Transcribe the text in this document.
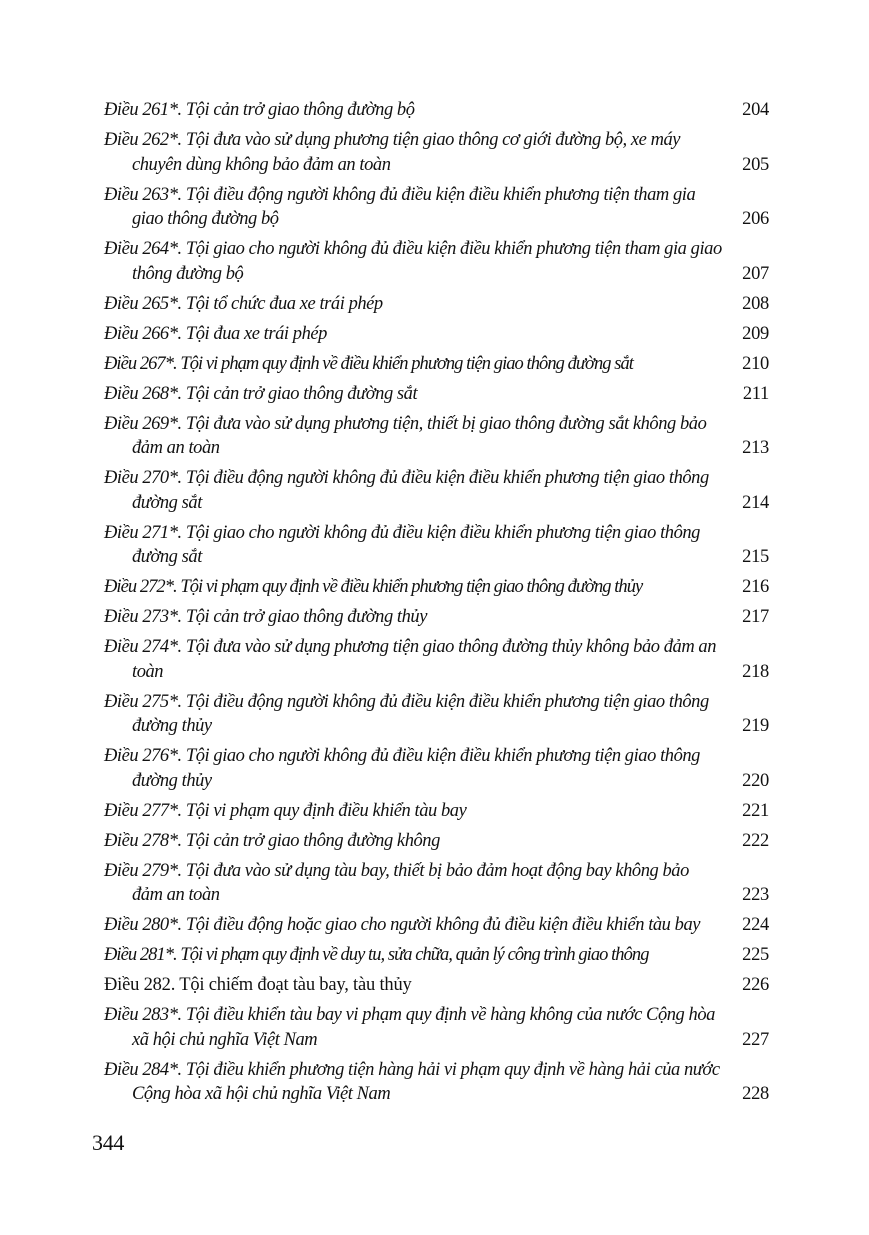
Điều 261*. Tội cản trở giao thông đường bộ	204
Điều 262*. Tội đưa vào sử dụng phương tiện giao thông cơ giới đường bộ, xe máy chuyên dùng không bảo đảm an toàn	205
Điều 263*. Tội điều động người không đủ điều kiện điều khiển phương tiện tham gia giao thông đường bộ	206
Điều 264*. Tội giao cho người không đủ điều kiện điều khiển phương tiện tham gia giao thông đường bộ	207
Điều 265*. Tội tổ chức đua xe trái phép	208
Điều 266*. Tội đua xe trái phép	209
Điều 267*. Tội vi phạm quy định về điều khiển phương tiện giao thông đường sắt	210
Điều 268*. Tội cản trở giao thông đường sắt	211
Điều 269*. Tội đưa vào sử dụng phương tiện, thiết bị giao thông đường sắt không bảo đảm an toàn	213
Điều 270*. Tội điều động người không đủ điều kiện điều khiển phương tiện giao thông đường sắt	214
Điều 271*. Tội giao cho người không đủ điều kiện điều khiển phương tiện giao thông đường sắt	215
Điều 272*. Tội vi phạm quy định về điều khiển phương tiện giao thông đường thủy	216
Điều 273*. Tội cản trở giao thông đường thủy	217
Điều 274*. Tội đưa vào sử dụng phương tiện giao thông đường thủy không bảo đảm an toàn	218
Điều 275*. Tội điều động người không đủ điều kiện điều khiển phương tiện giao thông đường thủy	219
Điều 276*. Tội giao cho người không đủ điều kiện điều khiển phương tiện giao thông đường thủy	220
Điều 277*. Tội vi phạm quy định điều khiển tàu bay	221
Điều 278*. Tội cản trở giao thông đường không	222
Điều 279*. Tội đưa vào sử dụng tàu bay, thiết bị bảo đảm hoạt động bay không bảo đảm an toàn	223
Điều 280*. Tội điều động hoặc giao cho người không đủ điều kiện điều khiển tàu bay	224
Điều 281*. Tội vi phạm quy định về duy tu, sửa chữa, quản lý công trình giao thông	225
Điều 282. Tội chiếm đoạt tàu bay, tàu thủy	226
Điều 283*. Tội điều khiển tàu bay vi phạm quy định về hàng không của nước Cộng hòa xã hội chủ nghĩa Việt Nam	227
Điều 284*. Tội điều khiển phương tiện hàng hải vi phạm quy định về hàng hải của nước Cộng hòa xã hội chủ nghĩa Việt Nam	228
344
